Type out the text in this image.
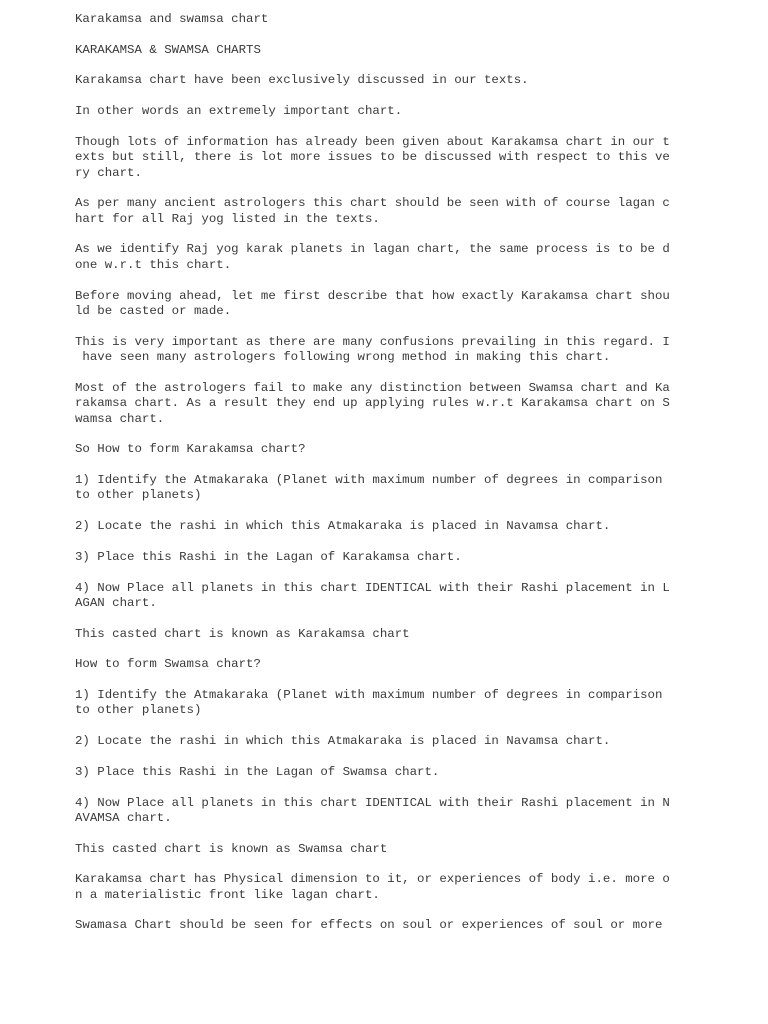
Karakamsa and swamsa chart

KARAKAMSA & SWAMSA CHARTS

Karakamsa chart have been exclusively discussed in our texts.

In other words an extremely important chart.

Though lots of information has already been given about Karakamsa chart in our t
exts but still, there is lot more issues to be discussed with respect to this ve
ry chart.

As per many ancient astrologers this chart should be seen with of course lagan c
hart for all Raj yog listed in the texts.

As we identify Raj yog karak planets in lagan chart, the same process is to be d
one w.r.t this chart.

Before moving ahead, let me first describe that how exactly Karakamsa chart shou
ld be casted or made.

This is very important as there are many confusions prevailing in this regard. I
have seen many astrologers following wrong method in making this chart.

Most of the astrologers fail to make any distinction between Swamsa chart and Ka
rakamsa chart. As a result they end up applying rules w.r.t Karakamsa chart on S
wamsa chart.

So How to form Karakamsa chart?

1) Identify the Atmakaraka (Planet with maximum number of degrees in comparison
to other planets)

2) Locate the rashi in which this Atmakaraka is placed in Navamsa chart.

3) Place this Rashi in the Lagan of Karakamsa chart.

4) Now Place all planets in this chart IDENTICAL with their Rashi placement in L
AGAN chart.

This casted chart is known as Karakamsa chart

How to form Swamsa chart?

1) Identify the Atmakaraka (Planet with maximum number of degrees in comparison
to other planets)

2) Locate the rashi in which this Atmakaraka is placed in Navamsa chart.

3) Place this Rashi in the Lagan of Swamsa chart.

4) Now Place all planets in this chart IDENTICAL with their Rashi placement in N
AVAMSA chart.

This casted chart is known as Swamsa chart

Karakamsa chart has Physical dimension to it, or experiences of body i.e. more o
n a materialistic front like lagan chart.

Swamasa Chart should be seen for effects on soul or experiences of soul or more
